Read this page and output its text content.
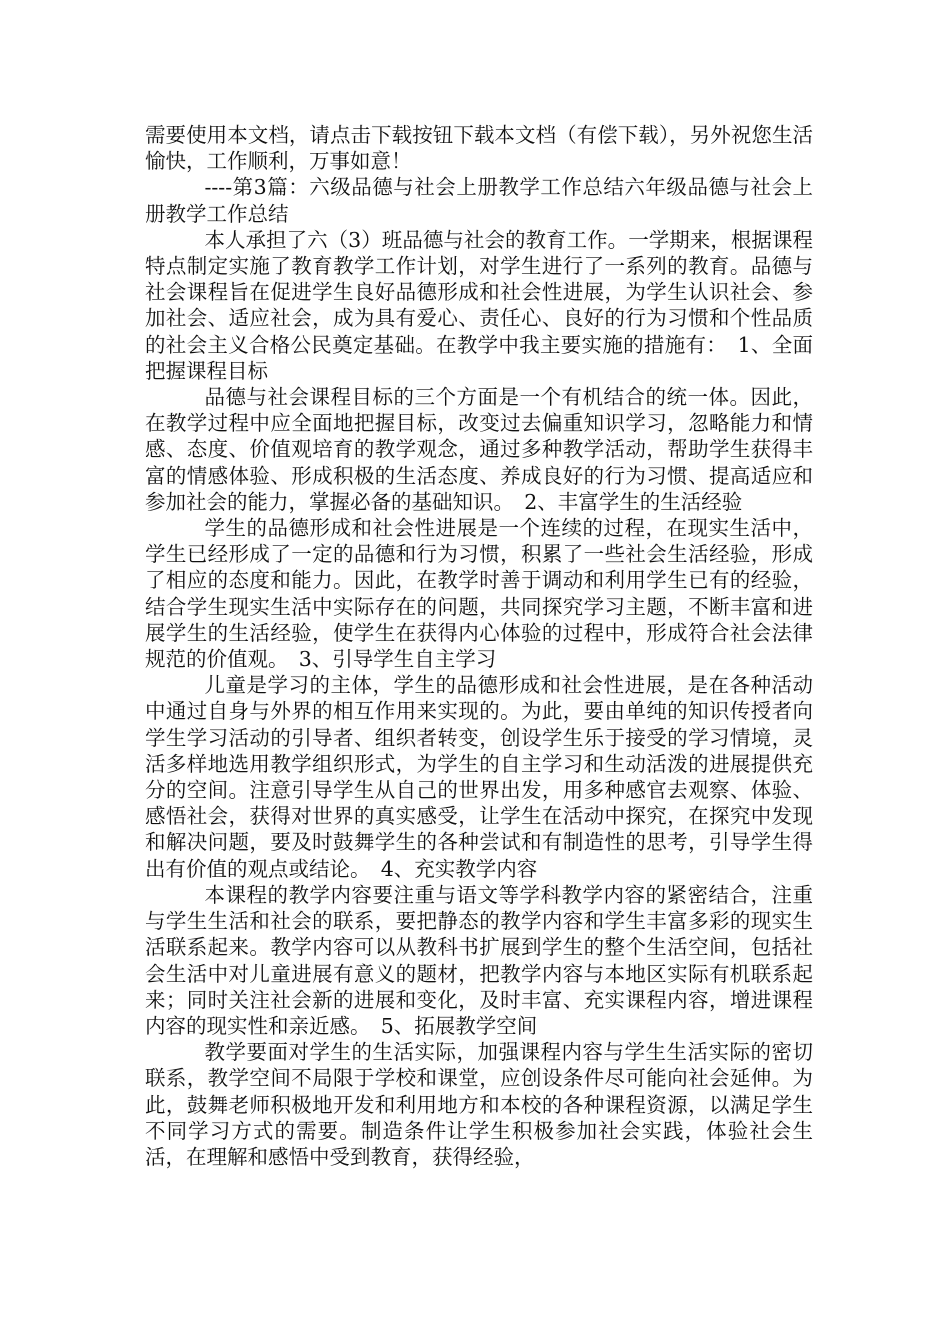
需要使用本文档，请点击下载按钮下载本文档（有偿下载），另外祝您生活愉快，工作顺利，万事如意！

----第3篇：六级品德与社会上册教学工作总结六年级品德与社会上册教学工作总结

本人承担了六（3）班品德与社会的教育工作。一学期来，根据课程特点制定实施了教育教学工作计划，对学生进行了一系列的教育。品德与社会课程旨在促进学生良好品德形成和社会性进展，为学生认识社会、参加社会、适应社会，成为具有爱心、责任心、良好的行为习惯和个性品质的社会主义合格公民奠定基础。在教学中我主要实施的措施有：　1、全面把握课程目标

品德与社会课程目标的三个方面是一个有机结合的统一体。因此，在教学过程中应全面地把握目标，改变过去偏重知识学习，忽略能力和情感、态度、价值观培育的教学观念，通过多种教学活动，帮助学生获得丰富的情感体验、形成积极的生活态度、养成良好的行为习惯、提高适应和参加社会的能力，掌握必备的基础知识。　2、丰富学生的生活经验

学生的品德形成和社会性进展是一个连续的过程，在现实生活中，学生已经形成了一定的品德和行为习惯，积累了一些社会生活经验，形成了相应的态度和能力。因此，在教学时善于调动和利用学生已有的经验，结合学生现实生活中实际存在的问题，共同探究学习主题，不断丰富和进展学生的生活经验，使学生在获得内心体验的过程中，形成符合社会法律规范的价值观。　3、引导学生自主学习

儿童是学习的主体，学生的品德形成和社会性进展，是在各种活动中通过自身与外界的相互作用来实现的。为此，要由单纯的知识传授者向学生学习活动的引导者、组织者转变，创设学生乐于接受的学习情境，灵活多样地选用教学组织形式，为学生的自主学习和生动活泼的进展提供充分的空间。注意引导学生从自己的世界出发，用多种感官去观察、体验、感悟社会，获得对世界的真实感受，让学生在活动中探究，在探究中发现和解决问题，要及时鼓舞学生的各种尝试和有制造性的思考，引导学生得出有价值的观点或结论。　4、充实教学内容

本课程的教学内容要注重与语文等学科教学内容的紧密结合，注重与学生生活和社会的联系，要把静态的教学内容和学生丰富多彩的现实生活联系起来。教学内容可以从教科书扩展到学生的整个生活空间，包括社会生活中对儿童进展有意义的题材，把教学内容与本地区实际有机联系起来；同时关注社会新的进展和变化，及时丰富、充实课程内容，增进课程内容的现实性和亲近感。　5、拓展教学空间

教学要面对学生的生活实际，加强课程内容与学生生活实际的密切联系，教学空间不局限于学校和课堂，应创设条件尽可能向社会延伸。为此，鼓舞老师积极地开发和利用地方和本校的各种课程资源，以满足学生不同学习方式的需要。制造条件让学生积极参加社会实践，体验社会生活，在理解和感悟中受到教育，获得经验，
